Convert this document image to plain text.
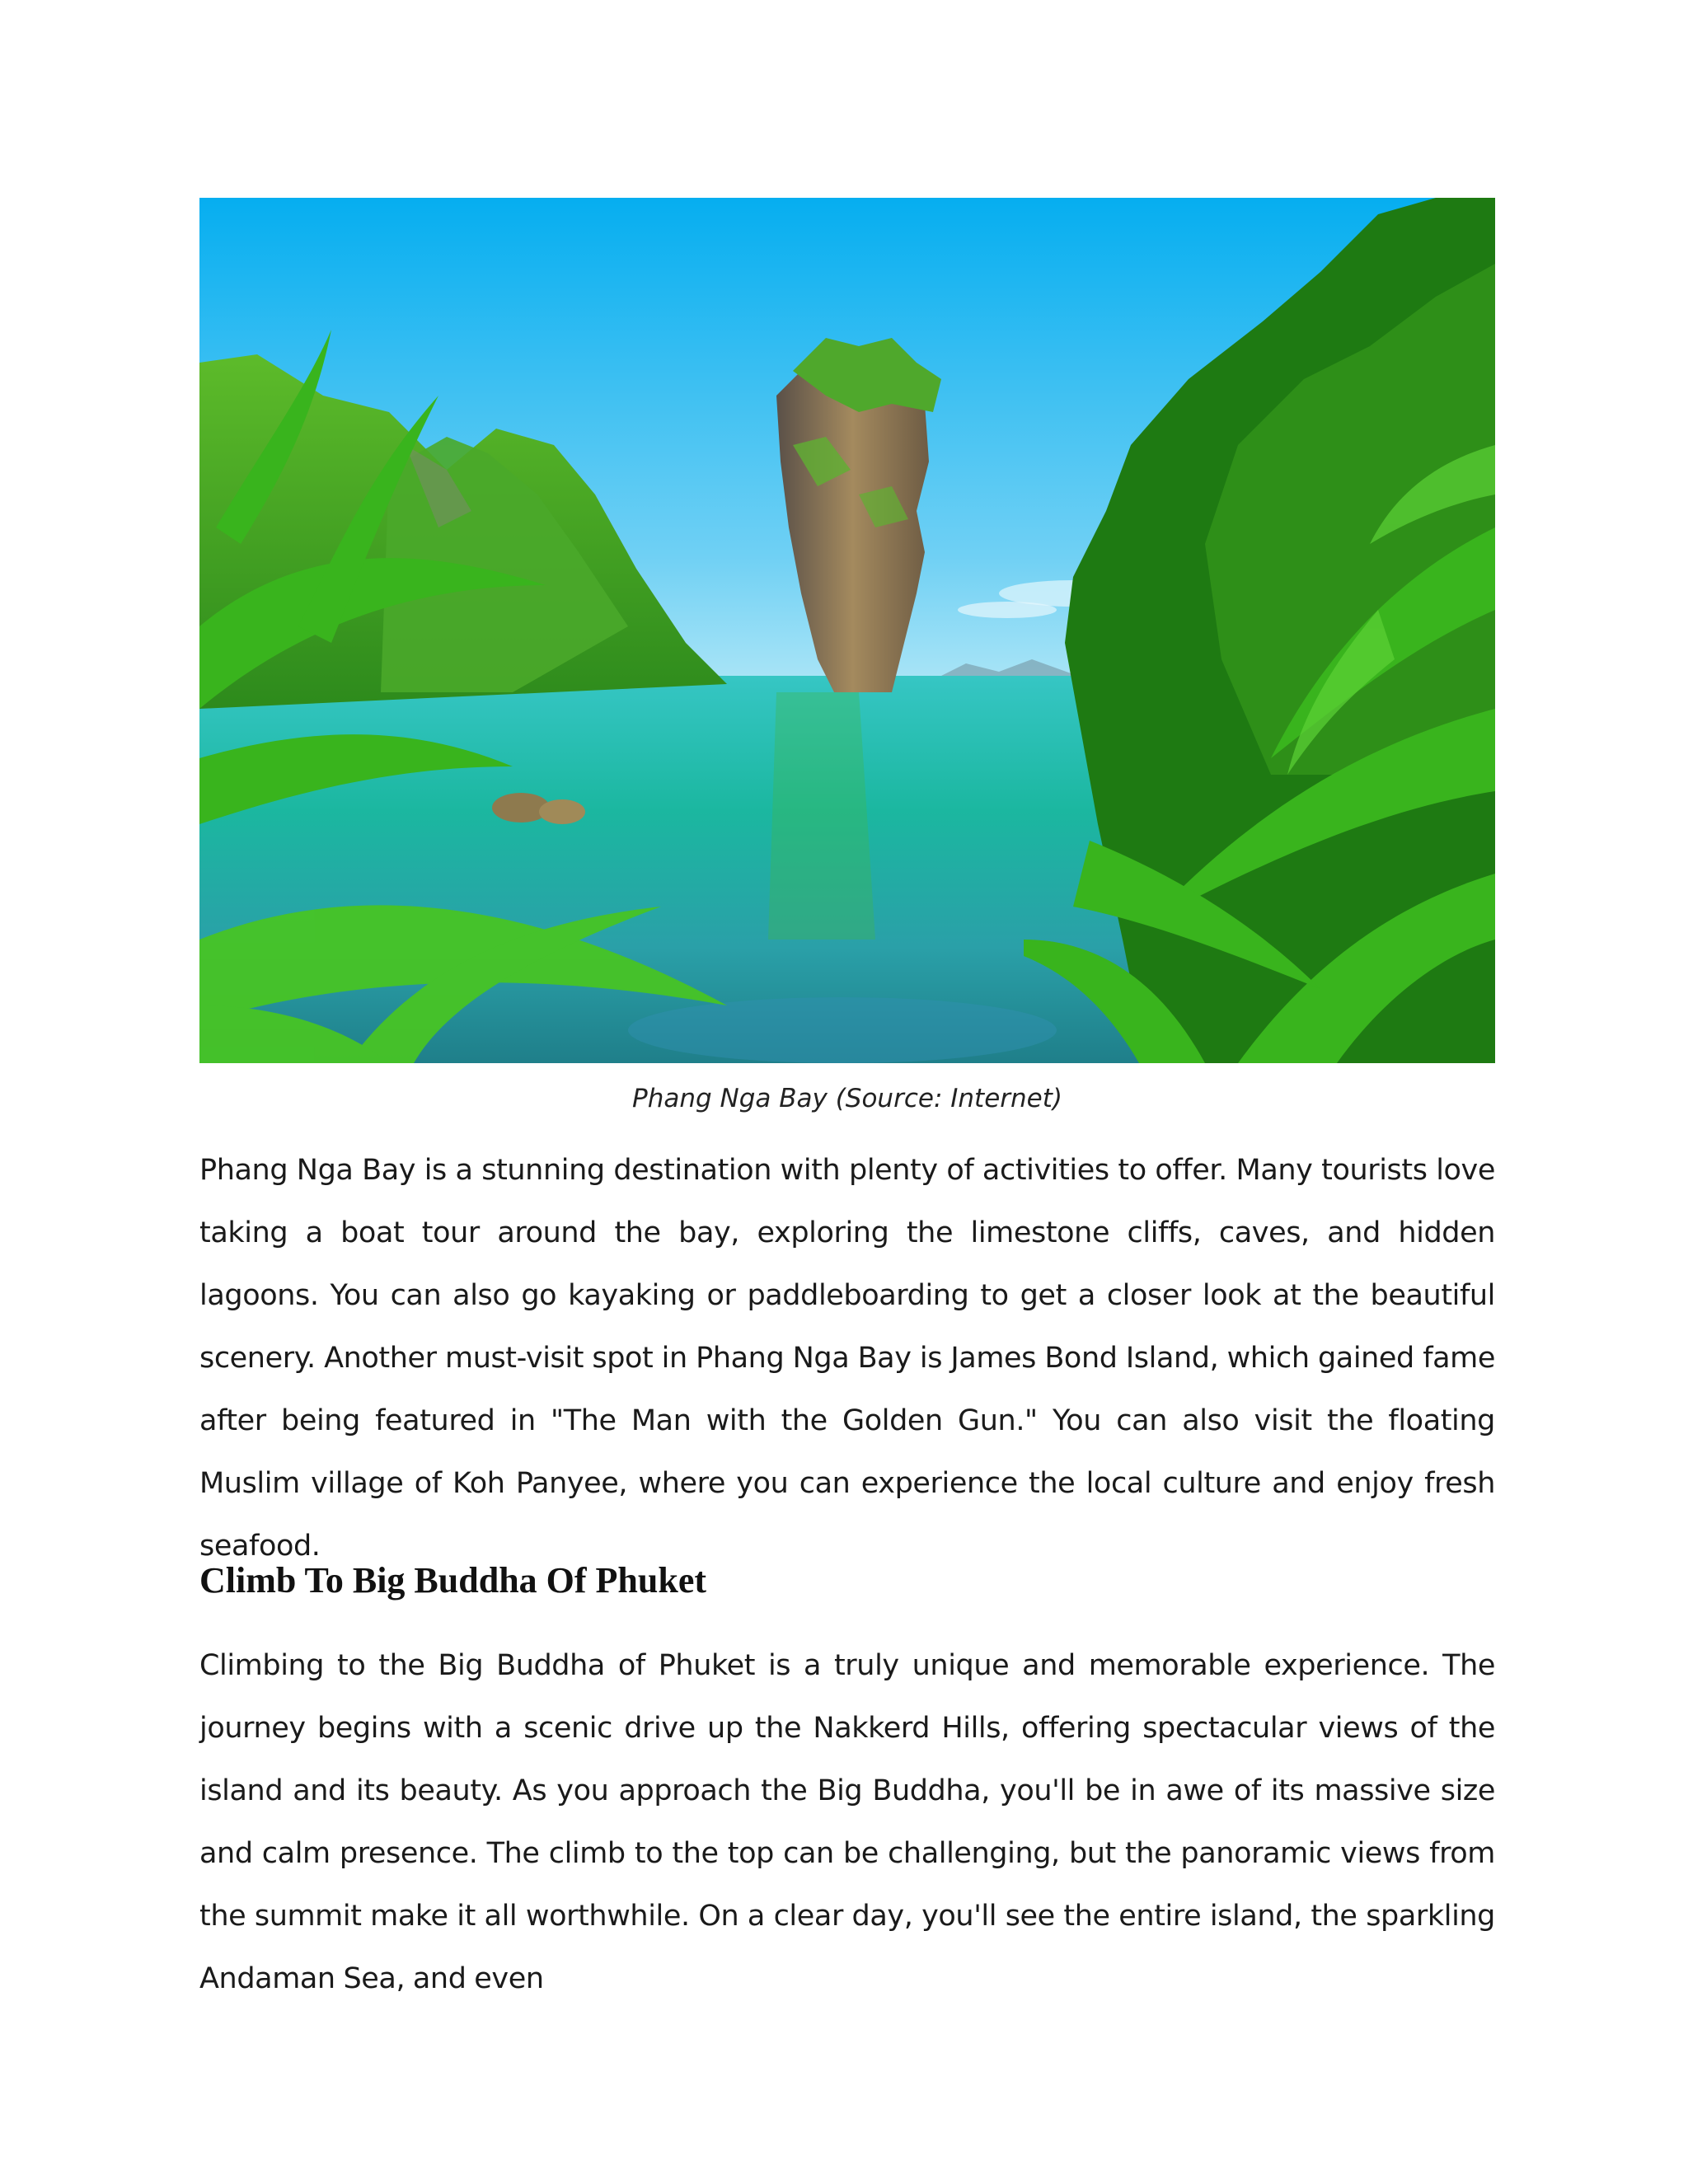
Phang Nga Bay (Source: Internet)

Phang Nga Bay is a stunning destination with plenty of activities to offer. Many tourists love taking a boat tour around the bay, exploring the limestone cliffs, caves, and hidden lagoons. You can also go kayaking or paddleboarding to get a closer look at the beautiful scenery. Another must-visit spot in Phang Nga Bay is James Bond Island, which gained fame after being featured in "The Man with the Golden Gun." You can also visit the floating Muslim village of Koh Panyee, where you can experience the local culture and enjoy fresh seafood.

Climb To Big Buddha Of Phuket

Climbing to the Big Buddha of Phuket is a truly unique and memorable experience. The journey begins with a scenic drive up the Nakkerd Hills, offering spectacular views of the island and its beauty. As you approach the Big Buddha, you'll be in awe of its massive size and calm presence. The climb to the top can be challenging, but the panoramic views from the summit make it all worthwhile. On a clear day, you'll see the entire island, the sparkling Andaman Sea, and even
